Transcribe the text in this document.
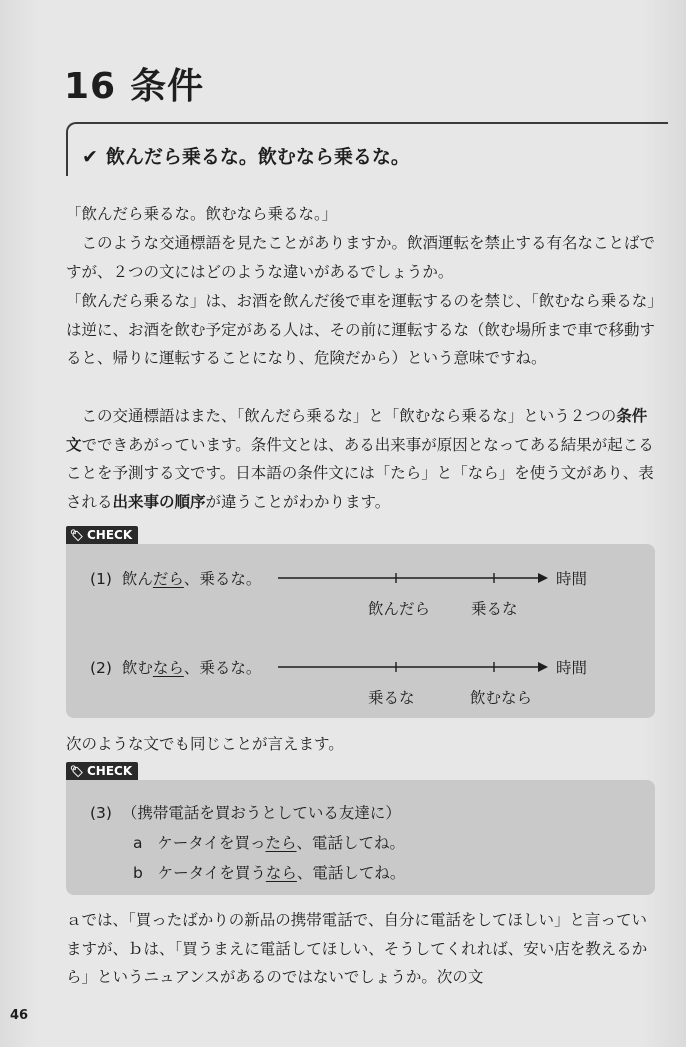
16 条件
✔ 飲んだら乗るな。飲むなら乗るな。

「飲んだら乗るな。飲むなら乗るな。」

　このような交通標語を見たことがありますか。飲酒運転を禁止する有名なことばですが、２つの文にはどのような違いがあるでしょうか。

「飲んだら乗るな」は、お酒を飲んだ後で車を運転するのを禁じ、「飲むなら乗るな」は逆に、お酒を飲む予定がある人は、その前に運転するな（飲む場所まで車で移動すると、帰りに運転することになり、危険だから）という意味ですね。

　この交通標語はまた、「飲んだら乗るな」と「飲むなら乗るな」という２つの条件文でできあがっています。条件文とは、ある出来事が原因となってある結果が起こることを予測する文です。日本語の条件文には「たら」と「なら」を使う文があり、表される出来事の順序が違うことがわかります。

🏷 CHECK
(1) 飲んだら、乗るな。	時間
飲んだら	乗るな
(2) 飲むなら、乗るな。	時間
乗るな	飲むなら

次のような文でも同じことが言えます。

🏷 CHECK
(3) （携帯電話を買おうとしている友達に）
a ケータイを買ったら、電話してね。
b ケータイを買うなら、電話してね。

ａでは、「買ったばかりの新品の携帯電話で、自分に電話をしてほしい」と言っていますが、ｂは、「買うまえに電話してほしい、そうしてくれれば、安い店を教えるから」というニュアンスがあるのではないでしょうか。次の文

46
